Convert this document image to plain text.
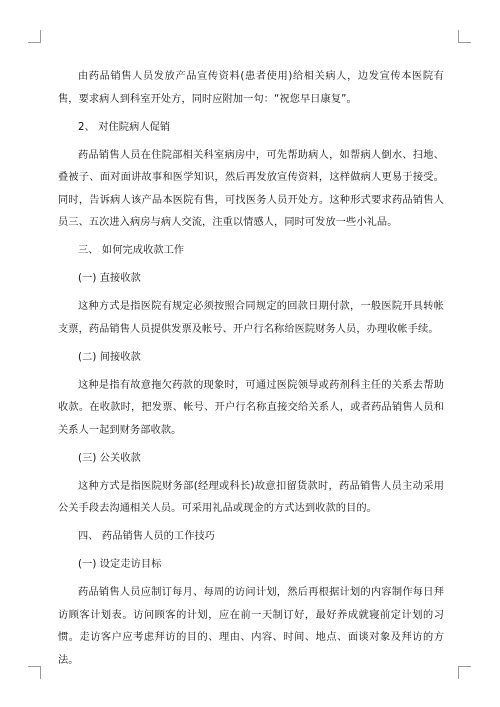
由药品销售人员发放产品宣传资料(患者使用)给相关病人，边发宣传本医院有售，要求病人到科室开处方，同时应附加一句：“祝您早日康复”。

2、 对住院病人促销

药品销售人员在住院部相关科室病房中，可先帮助病人，如帮病人倒水、扫地、叠被子、面对面讲故事和医学知识，然后再发放宣传资料，这样做病人更易于接受。同时，告诉病人该产品本医院有售，可找医务人员开处方。这种形式要求药品销售人员三、五次进入病房与病人交流，注重以情感人，同时可发放一些小礼品。

三、 如何完成收款工作

(一) 直接收款

这种方式是指医院有规定必须按照合同规定的回款日期付款，一般医院开具转帐支票，药品销售人员提供发票及帐号、开户行名称给医院财务人员，办理收帐手续。

(二) 间接收款

这种是指有故意拖欠药款的现象时，可通过医院领导或药剂科主任的关系去帮助收款。在收款时，把发票、帐号、开户行名称直接交给关系人，或者药品销售人员和关系人一起到财务部收款。

(三) 公关收款

这种方式是指医院财务部(经理或科长)故意扣留货款时，药品销售人员主动采用公关手段去沟通相关人员。可采用礼品或现金的方式达到收款的目的。

四、 药品销售人员的工作技巧

(一) 设定走访目标

药品销售人员应制订每月、每周的访问计划，然后再根据计划的内容制作每日拜访顾客计划表。访问顾客的计划，应在前一天制订好，最好养成就寝前定计划的习惯。走访客户应考虑拜访的目的、理由、内容、时间、地点、面谈对象及拜访的方法。
